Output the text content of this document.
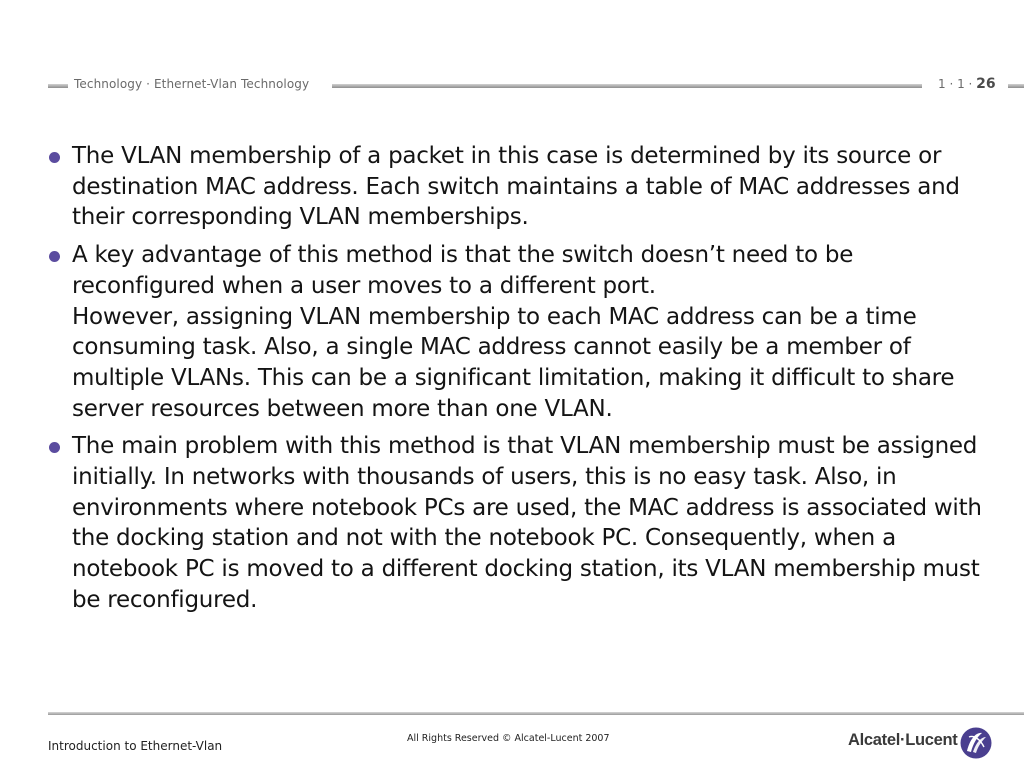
Technology · Ethernet-Vlan Technology	1 · 1 · 26
The VLAN membership of a packet in this case is determined by its source or destination MAC address. Each switch maintains a table of MAC addresses and their corresponding VLAN memberships.
A key advantage of this method is that the switch doesn’t need to be reconfigured when a user moves to a different port.
However, assigning VLAN membership to each MAC address can be a time consuming task. Also, a single MAC address cannot easily be a member of multiple VLANs. This can be a significant limitation, making it difficult to share server resources between more than one VLAN.
The main problem with this method is that VLAN membership must be assigned initially. In networks with thousands of users, this is no easy task. Also, in environments where notebook PCs are used, the MAC address is associated with the docking station and not with the notebook PC. Consequently, when a notebook PC is moved to a different docking station, its VLAN membership must be reconfigured.
Introduction to Ethernet-Vlan
All Rights Reserved © Alcatel-Lucent 2007	Alcatel·Lucent
